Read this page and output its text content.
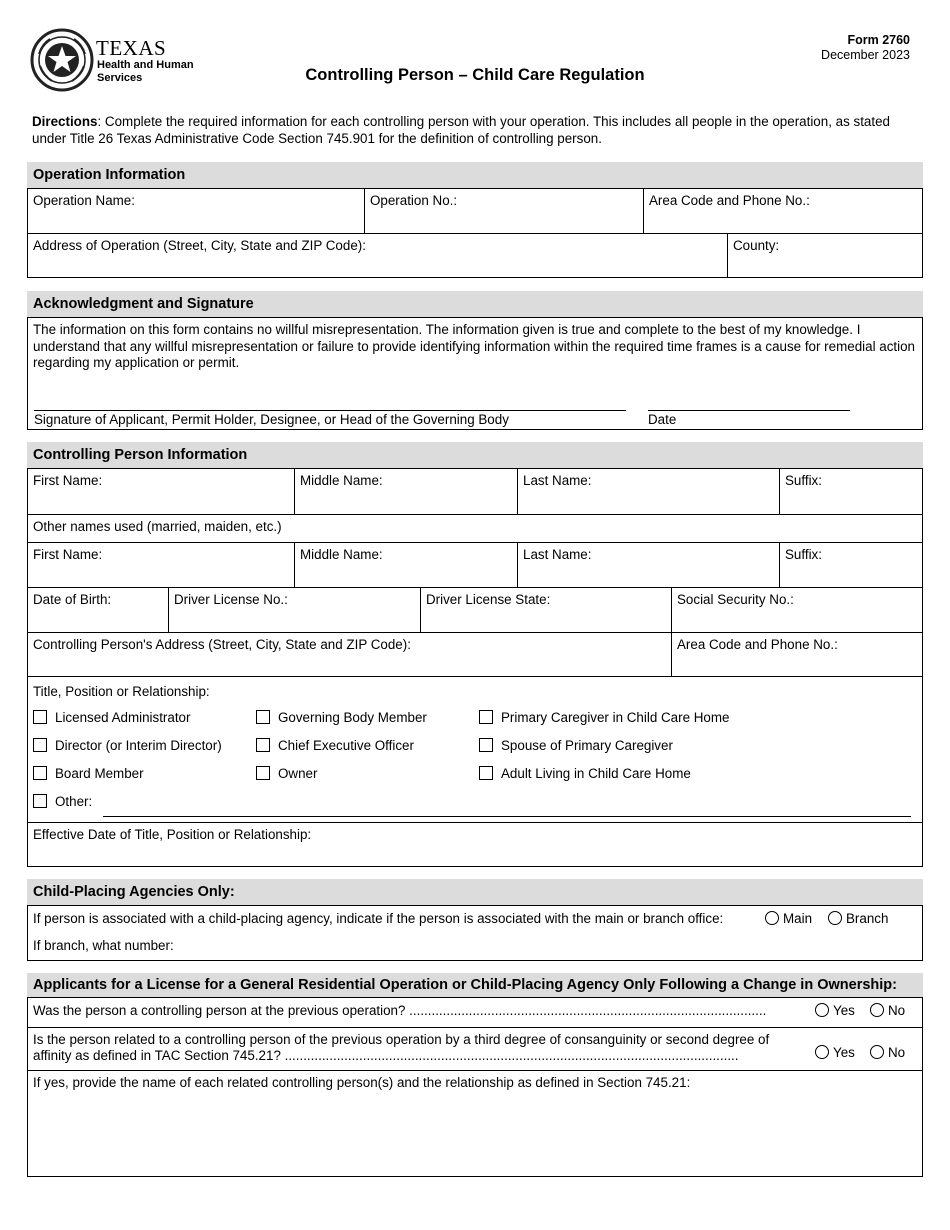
TEXAS
Health and Human
Services
Form 2760
December 2023
Controlling Person – Child Care Regulation
Directions: Complete the required information for each controlling person with your operation. This includes all people in the operation, as stated under Title 26 Texas Administrative Code Section 745.901 for the definition of controlling person.
Operation Information
Operation Name:	Operation No.:	Area Code and Phone No.:
Address of Operation (Street, City, State and ZIP Code):	County:
Acknowledgment and Signature
The information on this form contains no willful misrepresentation. The information given is true and complete to the best of my knowledge. I understand that any willful misrepresentation or failure to provide identifying information within the required time frames is a cause for remedial action regarding my application or permit.
Signature of Applicant, Permit Holder, Designee, or Head of the Governing Body	Date
Controlling Person Information
First Name:	Middle Name:	Last Name:	Suffix:
Other names used (married, maiden, etc.)
First Name:	Middle Name:	Last Name:	Suffix:
Date of Birth:	Driver License No.:	Driver License State:	Social Security No.:
Controlling Person's Address (Street, City, State and ZIP Code):	Area Code and Phone No.:
Title, Position or Relationship:
Licensed Administrator	Governing Body Member	Primary Caregiver in Child Care Home
Director (or Interim Director)	Chief Executive Officer	Spouse of Primary Caregiver
Board Member	Owner	Adult Living in Child Care Home
Other:
Effective Date of Title, Position or Relationship:
Child-Placing Agencies Only:
If person is associated with a child-placing agency, indicate if the person is associated with the main or branch office:	Main	Branch
If branch, what number:
Applicants for a License for a General Residential Operation or Child-Placing Agency Only Following a Change in Ownership:
Was the person a controlling person at the previous operation? ................................................................................................	Yes	No
Is the person related to a controlling person of the previous operation by a third degree of consanguinity or second degree of affinity as defined in TAC Section 745.21? ..........................................................................................................................	Yes	No
If yes, provide the name of each related controlling person(s) and the relationship as defined in Section 745.21:
